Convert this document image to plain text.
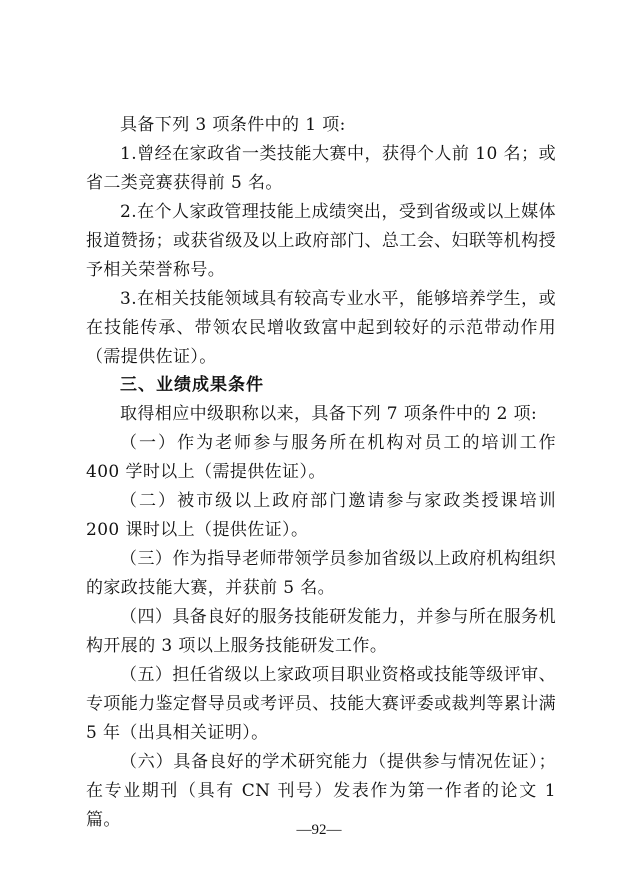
具备下列 3 项条件中的 1 项:

1.曾经在家政省一类技能大赛中，获得个人前 10 名；或省二类竞赛获得前 5 名。

2.在个人家政管理技能上成绩突出，受到省级或以上媒体报道赞扬；或获省级及以上政府部门、总工会、妇联等机构授予相关荣誉称号。

3.在相关技能领域具有较高专业水平，能够培养学生，或在技能传承、带领农民增收致富中起到较好的示范带动作用（需提供佐证）。

三、业绩成果条件

取得相应中级职称以来，具备下列 7 项条件中的 2 项:

（一）作为老师参与服务所在机构对员工的培训工作 400 学时以上（需提供佐证）。

（二）被市级以上政府部门邀请参与家政类授课培训 200 课时以上（提供佐证）。

（三）作为指导老师带领学员参加省级以上政府机构组织的家政技能大赛，并获前 5 名。

（四）具备良好的服务技能研发能力，并参与所在服务机构开展的 3 项以上服务技能研发工作。

（五）担任省级以上家政项目职业资格或技能等级评审、专项能力鉴定督导员或考评员、技能大赛评委或裁判等累计满 5 年（出具相关证明）。

（六）具备良好的学术研究能力（提供参与情况佐证）；在专业期刊（具有 CN 刊号）发表作为第一作者的论文 1 篇。	—92—
